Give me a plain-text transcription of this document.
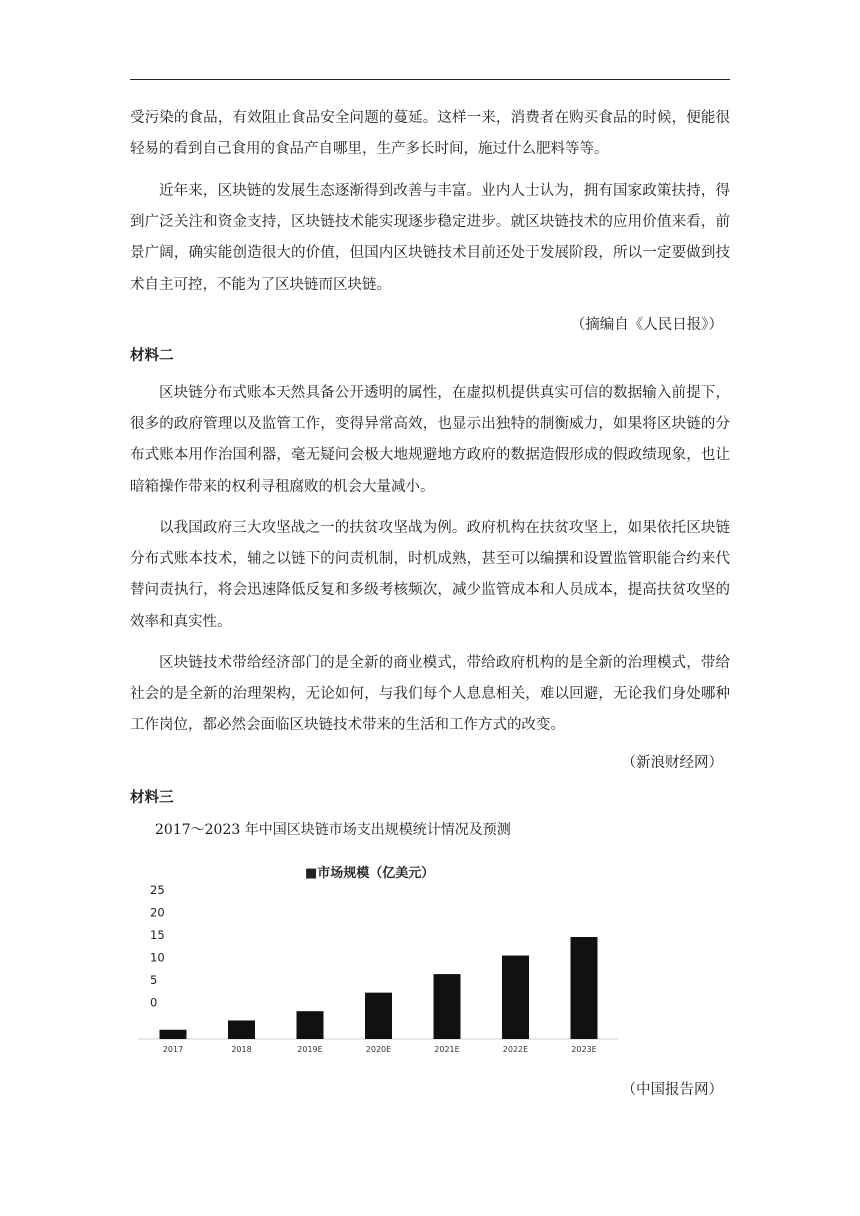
受污染的食品，有效阻止食品安全问题的蔓延。这样一来，消费者在购买食品的时候，便能很轻易的看到自己食用的食品产自哪里，生产多长时间，施过什么肥料等等。

近年来，区块链的发展生态逐渐得到改善与丰富。业内人士认为，拥有国家政策扶持，得到广泛关注和资金支持，区块链技术能实现逐步稳定进步。就区块链技术的应用价值来看，前景广阔，确实能创造很大的价值，但国内区块链技术目前还处于发展阶段，所以一定要做到技术自主可控，不能为了区块链而区块链。

（摘编自《人民日报》）

材料二

区块链分布式账本天然具备公开透明的属性，在虚拟机提供真实可信的数据输入前提下，很多的政府管理以及监管工作，变得异常高效，也显示出独特的制衡威力，如果将区块链的分布式账本用作治国利器，毫无疑问会极大地规避地方政府的数据造假形成的假政绩现象，也让暗箱操作带来的权利寻租腐败的机会大量减小。

以我国政府三大攻坚战之一的扶贫攻坚战为例。政府机构在扶贫攻坚上，如果依托区块链分布式账本技术，辅之以链下的问责机制，时机成熟，甚至可以编撰和设置监管职能合约来代替问责执行，将会迅速降低反复和多级考核频次，减少监管成本和人员成本，提高扶贫攻坚的效率和真实性。

区块链技术带给经济部门的是全新的商业模式，带给政府机构的是全新的治理模式，带给社会的是全新的治理架构，无论如何，与我们每个人息息相关，难以回避，无论我们身处哪种工作岗位，都必然会面临区块链技术带来的生活和工作方式的改变。

（新浪财经网）

材料三

2017～2023 年中国区块链市场支出规模统计情况及预测

■市场规模（亿美元）
25
20
15
10
5
0
2017	2018	2019E	2020E	2021E	2022E	2023E

（中国报告网）
